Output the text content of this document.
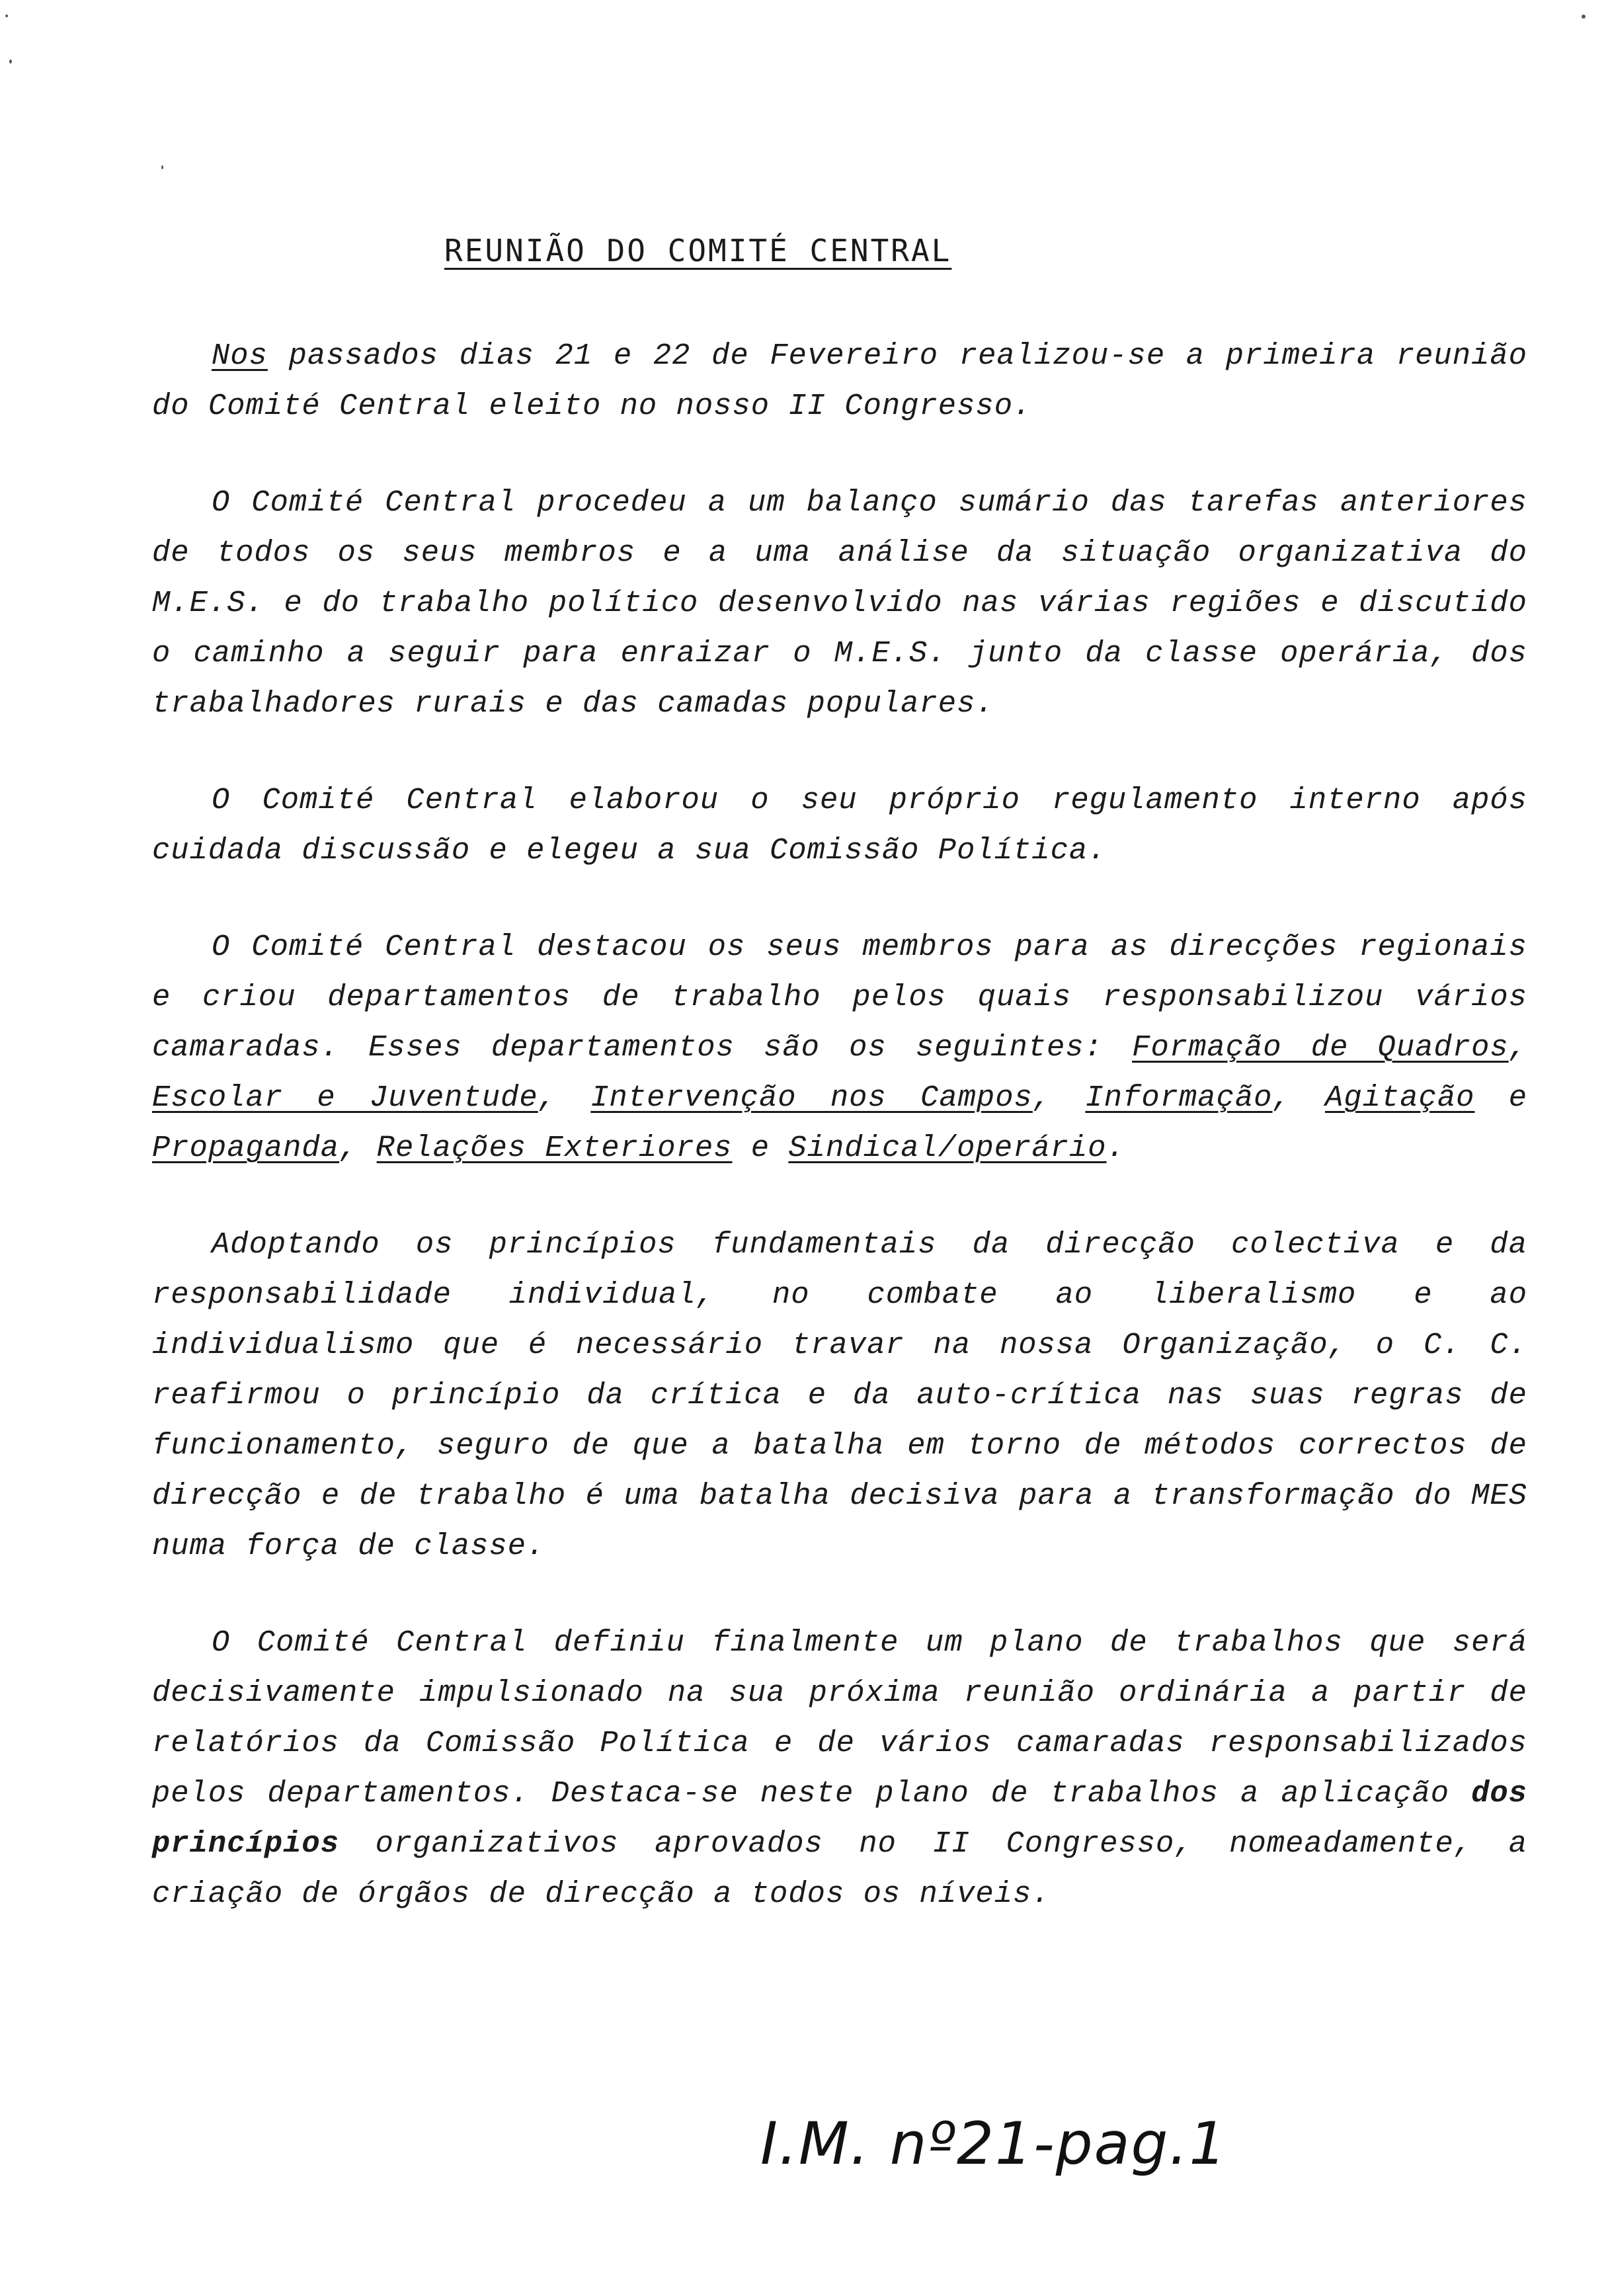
REUNIÃO DO COMITÉ CENTRAL

Nos passados dias 21 e 22 de Fevereiro realizou-se a primeira reunião do Comité Central eleito no nosso II Congresso.

O Comité Central procedeu a um balanço sumário das tarefas anteriores de todos os seus membros e a uma análise da situação organizativa do M.E.S. e do trabalho político desenvolvido nas várias regiões e discutido o caminho a seguir para enraizar o M.E.S. junto da classe operária, dos trabalhadores rurais e das camadas populares.

O Comité Central elaborou o seu próprio regulamento interno após cuidada discussão e elegeu a sua Comissão Política.

O Comité Central destacou os seus membros para as direcções regionais e criou departamentos de trabalho pelos quais responsabilizou vários camaradas. Esses departamentos são os seguintes: Formação de Quadros, Escolar e Juventude, Intervenção nos Campos, Informação, Agitação e Propaganda, Relações Exteriores e Sindical/operário.

Adoptando os princípios fundamentais da direcção colectiva e da responsabilidade individual, no combate ao liberalismo e ao individualismo que é necessário travar na nossa Organização, o C. C. reafirmou o princípio da crítica e da auto-crítica nas suas regras de funcionamento, seguro de que a batalha em torno de métodos correctos de direcção e de trabalho é uma batalha decisiva para a transformação do MES numa força de classe.

O Comité Central definiu finalmente um plano de trabalhos que será decisivamente impulsionado na sua próxima reunião ordinária a partir de relatórios da Comissão Política e de vários camaradas responsabilizados pelos departamentos. Destaca-se neste plano de trabalhos a aplicação dos princípios organizativos aprovados no II Congresso, nomeadamente, a criação de órgãos de direcção a todos os níveis.

I.M. nº21-pag.1
